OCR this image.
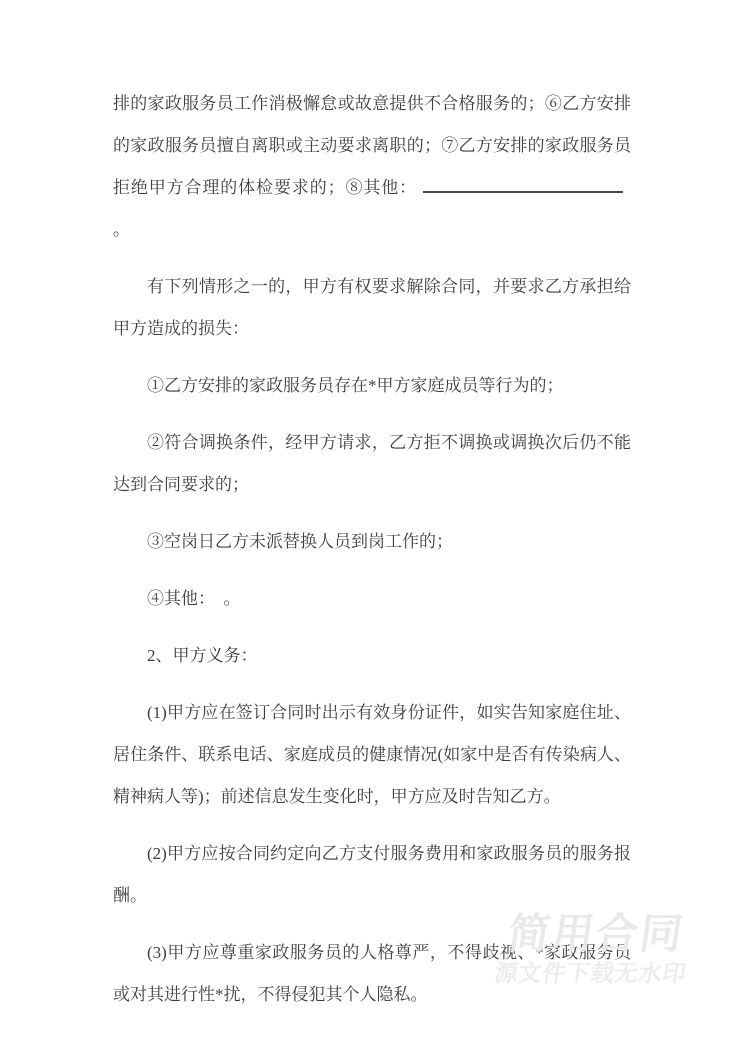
排的家政服务员工作消极懈怠或故意提供不合格服务的；⑥乙方安排的家政服务员擅自离职或主动要求离职的；⑦乙方安排的家政服务员拒绝甲方合理的体检要求的；⑧其他：。

有下列情形之一的，甲方有权要求解除合同，并要求乙方承担给甲方造成的损失：

①乙方安排的家政服务员存在*甲方家庭成员等行为的；

②符合调换条件，经甲方请求，乙方拒不调换或调换次后仍不能达到合同要求的；

③空岗日乙方未派替换人员到岗工作的；

④其他：　。

2、甲方义务：

(1)甲方应在签订合同时出示有效身份证件，如实告知家庭住址、居住条件、联系电话、家庭成员的健康情况(如家中是否有传染病人、精神病人等)；前述信息发生变化时，甲方应及时告知乙方。

(2)甲方应按合同约定向乙方支付服务费用和家政服务员的服务报酬。

(3)甲方应尊重家政服务员的人格尊严，不得歧视、*家政服务员或对其进行性*扰，不得侵犯其个人隐私。

简用合同
源文件下载无水印
